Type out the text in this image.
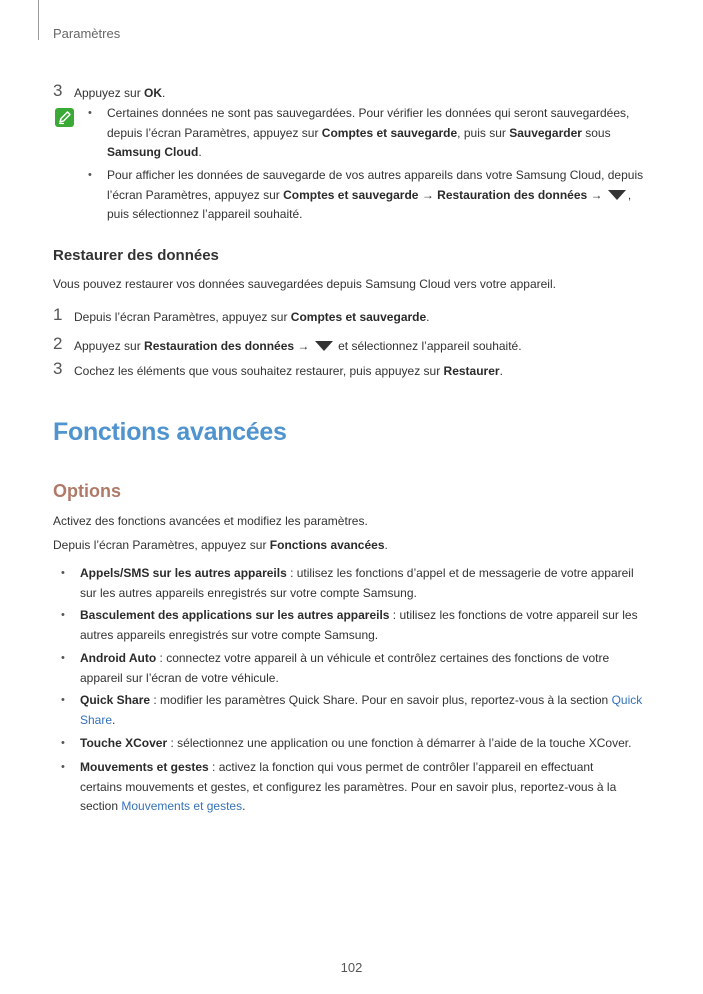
Paramètres
3 Appuyez sur OK.
• Certaines données ne sont pas sauvegardées. Pour vérifier les données qui seront sauvegardées,
depuis l’écran Paramètres, appuyez sur Comptes et sauvegarde, puis sur Sauvegarder sous
Samsung Cloud.
• Pour afficher les données de sauvegarde de vos autres appareils dans votre Samsung Cloud, depuis
l’écran Paramètres, appuyez sur Comptes et sauvegarde → Restauration des données → ,
puis sélectionnez l’appareil souhaité.
Restaurer des données
Vous pouvez restaurer vos données sauvegardées depuis Samsung Cloud vers votre appareil.
1 Depuis l’écran Paramètres, appuyez sur Comptes et sauvegarde.
2 Appuyez sur Restauration des données →  et sélectionnez l’appareil souhaité.
3 Cochez les éléments que vous souhaitez restaurer, puis appuyez sur Restaurer.
Fonctions avancées
Options
Activez des fonctions avancées et modifiez les paramètres.
Depuis l’écran Paramètres, appuyez sur Fonctions avancées.
• Appels/SMS sur les autres appareils : utilisez les fonctions d’appel et de messagerie de votre appareil
sur les autres appareils enregistrés sur votre compte Samsung.
• Basculement des applications sur les autres appareils : utilisez les fonctions de votre appareil sur les
autres appareils enregistrés sur votre compte Samsung.
• Android Auto : connectez votre appareil à un véhicule et contrôlez certaines des fonctions de votre
appareil sur l’écran de votre véhicule.
• Quick Share : modifier les paramètres Quick Share. Pour en savoir plus, reportez-vous à la section Quick
Share.
• Touche XCover : sélectionnez une application ou une fonction à démarrer à l’aide de la touche XCover.
• Mouvements et gestes : activez la fonction qui vous permet de contrôler l’appareil en effectuant
certains mouvements et gestes, et configurez les paramètres. Pour en savoir plus, reportez-vous à la
section Mouvements et gestes.
102
